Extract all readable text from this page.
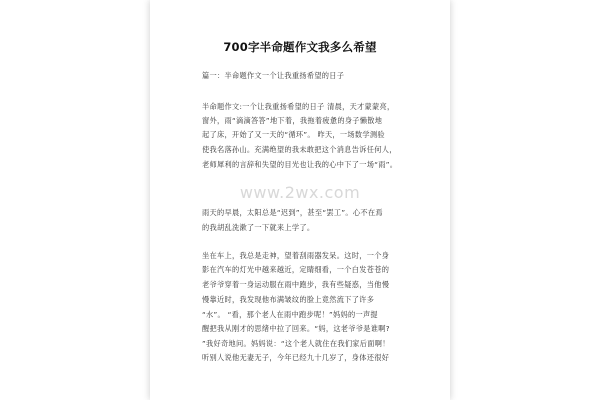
700字半命题作文我多么希望
篇一：半命题作文一个让我重扬希望的日子
半命题作文:一个让我重扬希望的日子 清晨，天才蒙蒙亮，
窗外，雨“滴滴答答”地下着，我拖着疲惫的身子懒散地
起了床，开始了又一天的“循环”。 昨天，一场数学测验
使我名落孙山。充满绝望的我未敢把这个消息告诉任何人，
老师犀利的言辞和失望的目光也让我的心中下了一场“雨”。
www.2wx.com
雨天的早晨，太阳总是“迟到”，甚至“罢工”。心不在焉
的我胡乱洗漱了一下就来上学了。
坐在车上，我总是走神，望着刮雨器发呆。这时，一个身
影在汽车的灯光中越来越近，定睛细看，一个白发苍苍的
老爷爷穿着一身运动服在雨中跑步，我有些疑惑，当他慢
慢靠近时，我发现他布满皱纹的脸上竟然流下了许多
“水”。 “看，那个老人在雨中跑步呢！”妈妈的一声提
醒把我从刚才的思绪中拉了回来。“妈，这老爷爷是谁啊?
”我好奇地问。妈妈说：“这个老人就住在我们家后面啊！
听别人说他无妻无子，今年已经九十几岁了，身体还很好
